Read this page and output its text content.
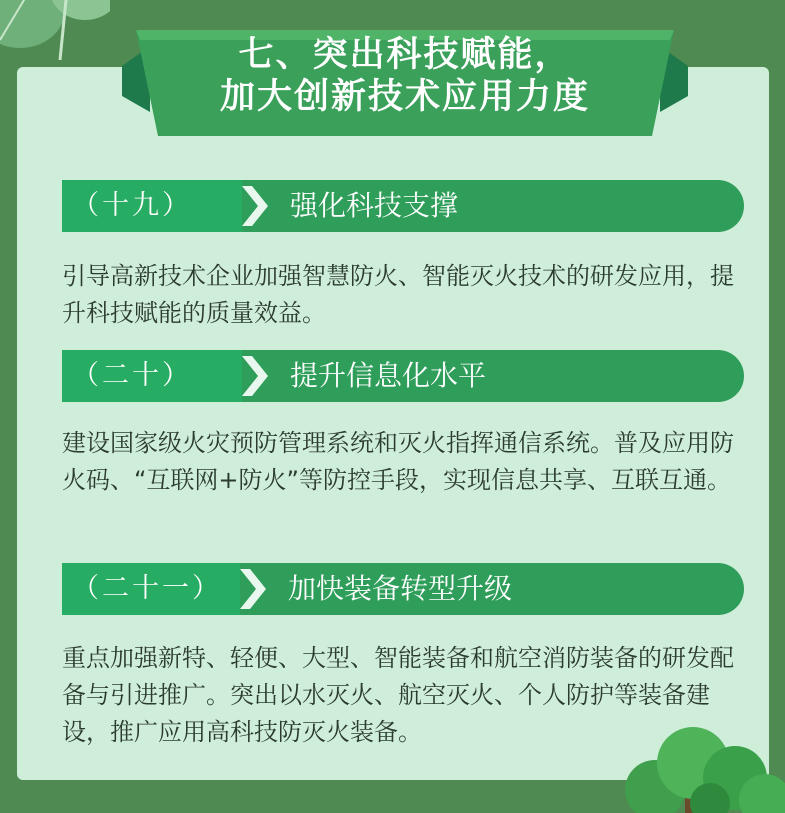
七、突出科技赋能，
加大创新技术应用力度
（十九）	强化科技支撑
引导高新技术企业加强智慧防火、智能灭火技术的研发应用，提升科技赋能的质量效益。
（二十）	提升信息化水平
建设国家级火灾预防管理系统和灭火指挥通信系统。普及应用防火码、“互联网+防火”等防控手段，实现信息共享、互联互通。
（二十一） 加快装备转型升级
重点加强新特、轻便、大型、智能装备和航空消防装备的研发配备与引进推广。突出以水灭火、航空灭火、个人防护等装备建设，推广应用高科技防灭火装备。
